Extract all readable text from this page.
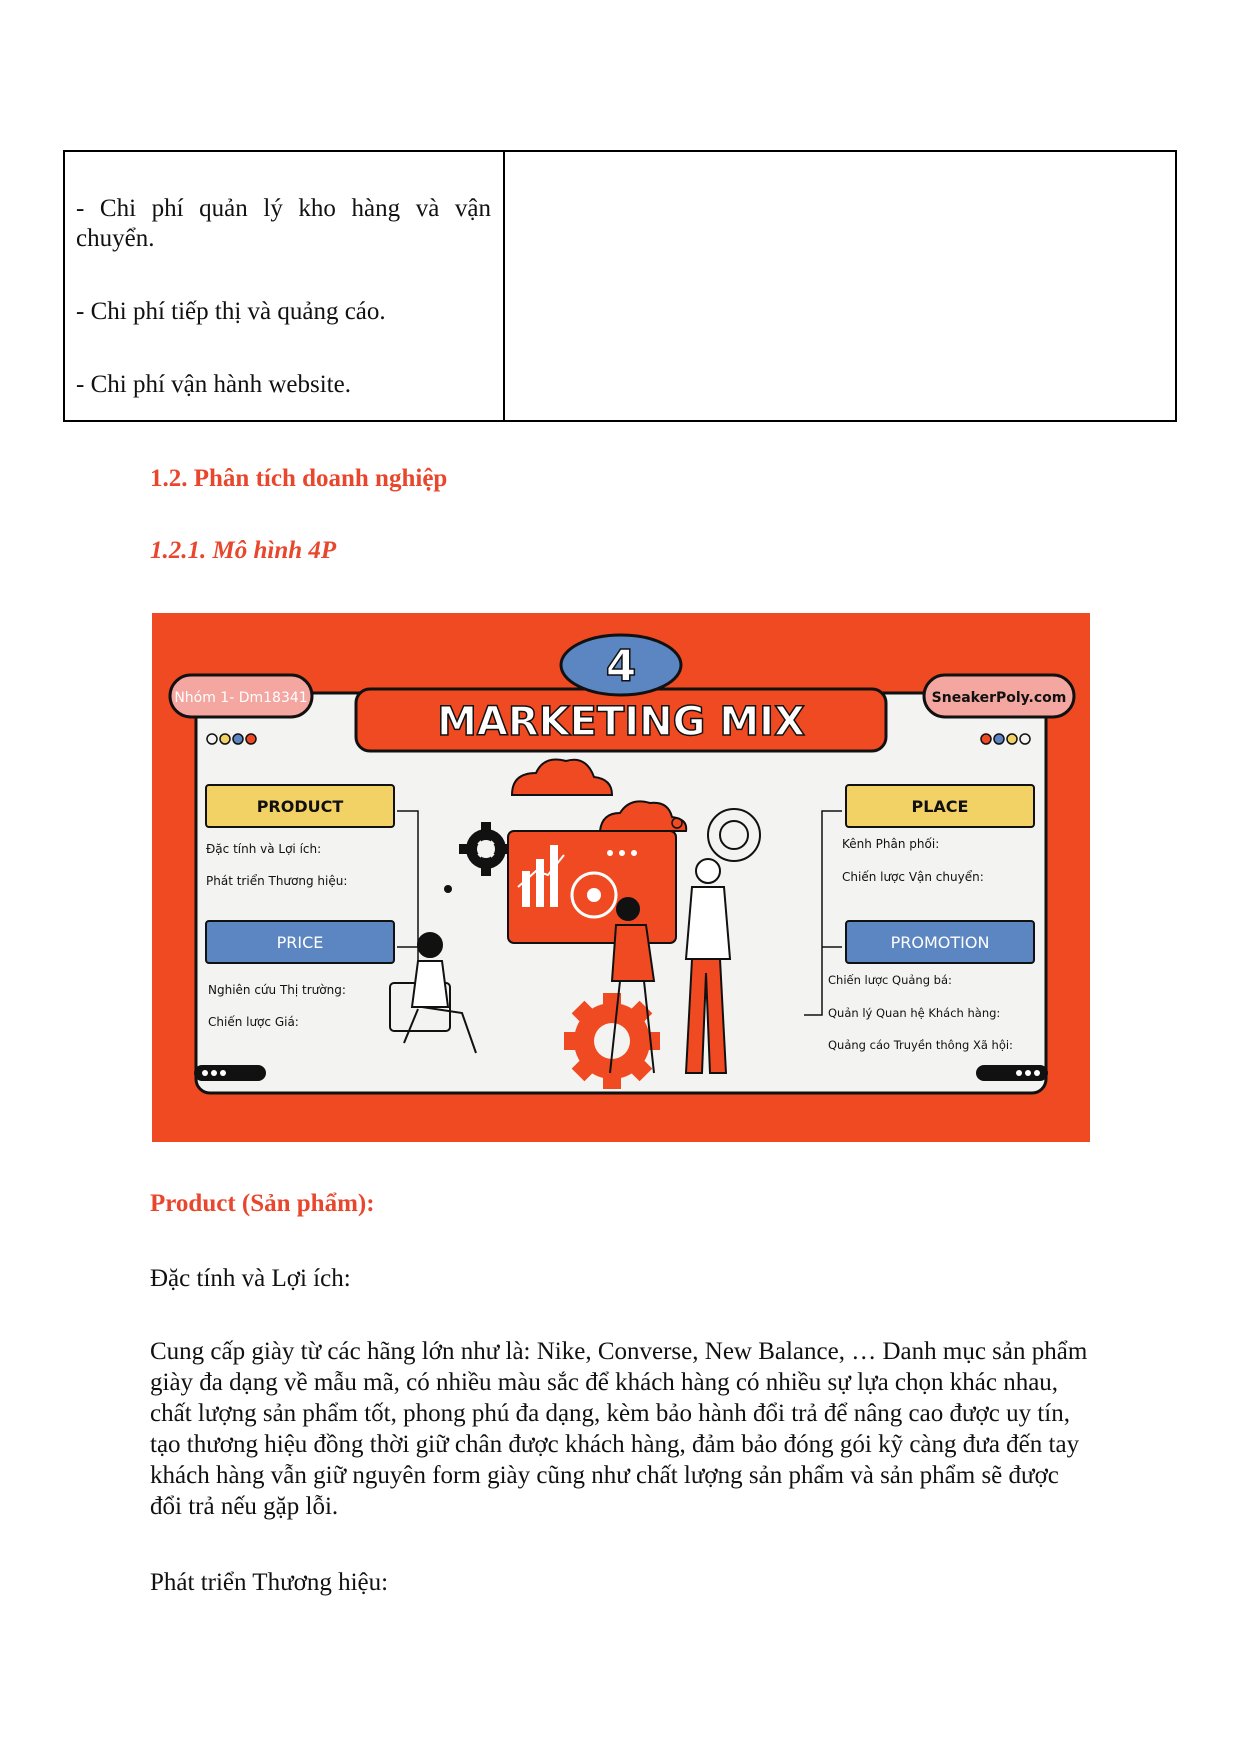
- Chi phí quản lý kho hàng và vận chuyển.

- Chi phí tiếp thị và quảng cáo.

- Chi phí vận hành website.

1.2. Phân tích doanh nghiệp
1.2.1. Mô hình 4P
MARKETING MIX
4
Nhóm 1- Dm18341	SneakerPoly.com
PRODUCT
Đặc tính và Lợi ích:
Phát triển Thương hiệu:
PRICE
Nghiên cứu Thị trường:
Chiến lược Giá:
PLACE
Kênh Phân phối:
Chiến lược Vận chuyển:
PROMOTION
Chiến lược Quảng bá:
Quản lý Quan hệ Khách hàng:
Quảng cáo Truyền thông Xã hội:
Product (Sản phẩm):

Đặc tính và Lợi ích:

Cung cấp giày từ các hãng lớn như là: Nike, Converse, New Balance, … Danh mục sản phẩm giày đa dạng về mẫu mã, có nhiều màu sắc để khách hàng có nhiều sự lựa chọn khác nhau, chất lượng sản phẩm tốt, phong phú đa dạng, kèm bảo hành đổi trả để nâng cao được uy tín, tạo thương hiệu đồng thời giữ chân được khách hàng, đảm bảo đóng gói kỹ càng đưa đến tay khách hàng vẫn giữ nguyên form giày cũng như chất lượng sản phẩm và sản phẩm sẽ được đổi trả nếu gặp lỗi.

Phát triển Thương hiệu:
